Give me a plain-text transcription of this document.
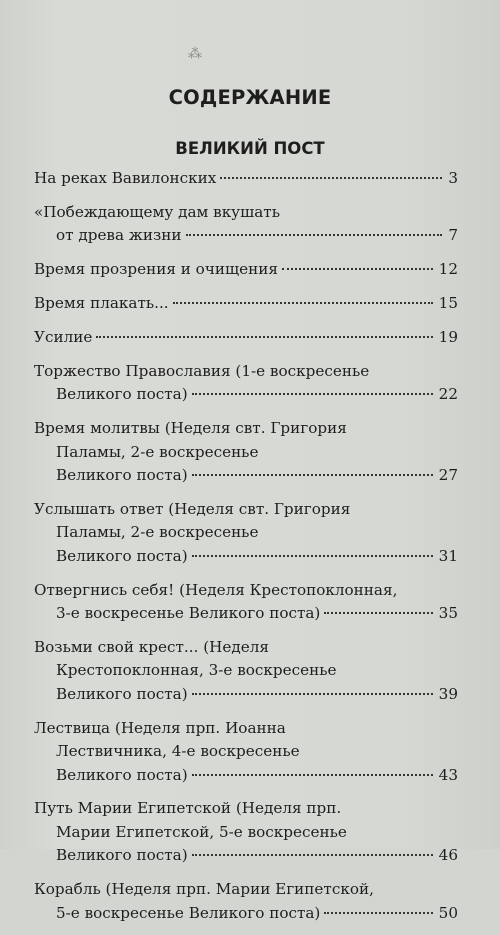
⁂
СОДЕРЖАНИЕ
ВЕЛИКИЙ ПОСТ
На реках Вавилонских	3
«Побеждающему дам вкушать
от древа жизни	7
Время прозрения и очищения	12
Время плакать...	15
Усилие	19
Торжество Православия (1-е воскресенье
Великого поста)	22
Время молитвы (Неделя свт. Григория
Паламы, 2-е воскресенье
Великого поста)	27
Услышать ответ (Неделя свт. Григория
Паламы, 2-е воскресенье
Великого поста)	31
Отвергнись себя! (Неделя Крестопоклонная,
3-е воскресенье Великого поста)	35
Возьми свой крест... (Неделя
Крестопоклонная, 3-е воскресенье
Великого поста)	39
Лествица (Неделя прп. Иоанна
Лествичника, 4-е воскресенье
Великого поста)	43
Путь Марии Египетской (Неделя прп.
Марии Египетской, 5-е воскресенье
Великого поста)	46
Корабль (Неделя прп. Марии Египетской,
5-е воскресенье Великого поста)	50
